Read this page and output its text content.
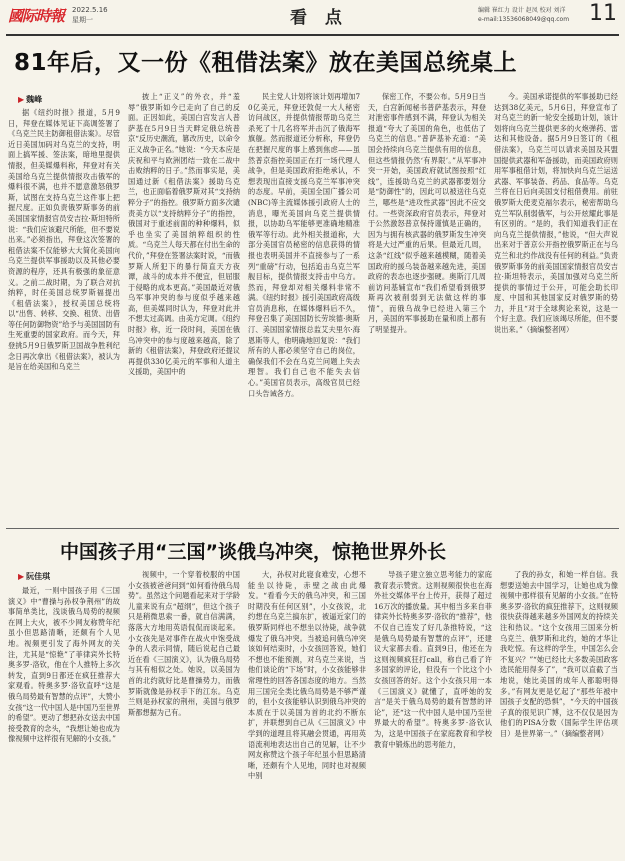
國际時報 2022.5.16
星期一	看 点	编辑 崔红力 设计 赵凤 校对 刘洋
e-mail:13536068049@qq.com 11
81年后，又一份《租借法案》放在美国总统桌上
▶ 魏峰
据《纽约时报》报道，5月9日，拜登在媒体见证下高调签署了《乌克兰民主防御租借法案》。尽管近日美国加码对乌克兰的支持，明面上搞军援、签法案，暗地里提供情报，但美媒爆料称，拜登对有关美国给乌克兰提供情报攻击俄军的爆料很不满，也并不愿意激怒俄罗斯，试图在支持乌克兰这件事上把握尺度。正如负责俄罗斯事务的前美国国家情报官员安吉拉·斯坦特所说：“我们应该避尺所能，但不要说出来。”必须指出，拜登这次签署的租借法案不仅能够大大简化美国向乌克兰提供军事援助以及其他必要资源的程序，还具有极强的象征意义。之前二战时期，为了联合对抗纳粹，时任美国总统罗斯福提出《租借法案》，授权美国总统将以“出售、转移、交换、租赁、出借等任何防御物资”给予与美国国防有生死重要的国家政府。而今天，拜登挑5月9日俄罗斯卫国战争胜利纪念日再次拿出《租借法案》，被认为是旨在给美国和乌克兰
披上“正义”的外衣，并“羞辱”俄罗斯如今已走向了自己的反面。正因如此，美国白宫发言人普萨基在5月9日当天畔定俄总统普京“反历史潮流，篡改历史，以命令正义战争正名。”她说：“今天本应是庆祝和平与欧洲团结一致在二战中击败纳粹的日子。”然而事实是，美国通过新《租借法案》援助乌克兰，也正面临着俄罗斯对其“支持纳粹分子”的指控。俄罗斯方面多次谴责美方以“支持纳粹分子”的指控，俄国对于重述前面的种种爆料，似乎也坐实了美国纳粹组织的性质。“乌克兰人每天都在付出生命的代价，”拜登在签署法案时说，“而俄罗斯人所犯下的暴行简直天方夜谭，战斗的成本并不便宜，但屈服于侵略的成本更高。”美国最近对俄乌军事冲突的参与度似乎越来越高，但美媒同时认为，拜登对此并不想太过高调。由美方定调。《纽约时报》称，近一段时间，美国在俄乌冲突中的参与度越来越高，除了新的《租借法案》，拜登政府还提议再提供330亿美元的军事和人道主义援助，美国中的
民主党人计划将该计划再增加70亿美元，拜登还敦促一大人秘密访问战区，并提供情报帮助乌克兰杀死了十几名将军并击沉了俄海军旗舰。然而报道还分析称，拜登仍在把握尺度的事上感到焦虑——虽然普京指控美国正在打一场代理人战争，但是美国政府拒绝承认，不想表现出直接支援乌克兰军事冲突的态度。早前，美国全国广播公司(NBC)等主流媒体援引政府人士的消息，曝光美国向乌克兰提供情报，以协助乌军能够更准确地精准俄军等行动。此外相关报道称，大部分美国官员秘密的信息获得的情报也表明美国并不直接参与了一系列“重磅”行动，包括追击乌克兰军舰目标，提供情报支持击中乌方。然而，拜登却对相关爆料非常不满。《纽约时报》援引美国政府高级官员消息称，在媒体爆料后不久，拜登召集了美国国防长劳埃德·奥斯汀、美国国家情报总监艾夫里尔·海恩斯等人，他明确地回复说：“我们所有的人都必须坚守自己的岗位，确保我们不会在乌克兰问题上失去理智。我们自己也不能失去信心。”美国官员表示，高级官员已经口头告诫各方。
保密工作，不要公布。5月9日当天，白宫新闻秘书普萨基表示，拜登对泄密事件感到不满，拜登认为相关报道“夸大了美国的角色，也低估了乌克兰的信息。”普萨基补充道：“美国会持续向乌克兰提供有用的信息，但这些情报仍然‘有界限’。”从军事冲突一开始，美国政府就试图按照“红线”，连援助乌克兰的武器都要划分是“防御性”的，因此可以被送往乌克兰，哪些是“进攻性武器”因此不应交付。一些资深政府官员表示，拜登对于公然激怒普京保持谨慎是正确的，因为与拥有核武器的俄罗斯发生冲突将是大过严重的后果。但最近几周，这条“红线”似乎越来越模糊，随着美国政府的援乌装备越来越先进，美国政府的表态也逐步强硬。奥斯汀几周前访问基辅宣布“我们希望看到俄罗斯再次被削弱到无法做这样的事情”，而俄乌战争已经进入第三个月，美国的军事援助在量和质上都有了明显提升。
今。美国承诺提供的军事援助已经达到38亿美元，5月6日，拜登宣布了对乌克兰的新一轮安全援助计划，该计划将向乌克兰提供更多的火炮弹药、雷达和其他设备。据5月9日签订的《租借法案》，乌克兰可以请求美国及其盟国提供武器和军备援助，而美国政府则用军事租借计划，将加快向乌克兰运送武器、军事装备、药品、食品等。乌克兰将在日后向美国支付租借费用。前驻俄罗斯大使麦克福尔表示，秘密帮助乌克兰军队削弱俄军，与公开炫耀此事是有区别的。“是的，我们知道我们正在向乌克兰提供情报，”他说，“但大声说出来对于普京公开指控俄罗斯正在与乌克兰和北约作战没有任何的利益。”负责俄罗斯事务的前美国国家情报官员安吉拉·斯坦特表示，美国加强对乌克兰所提供的事情过于公开，可能会助长印度、中国和其他国家反对俄罗斯的势力，并且“对于全球舆论来说，这是一个好主意。我们应该竭尽所能，但不要说出来。”（摘编整者网）
中国孩子用“三国”谈俄乌冲突，惊艳世界外长
▶ 阮佳琪
最近，一则中国孩子用《三国演义》中“曹操与孙权争荆州”的故事简单类比，浅谈俄乌局势的视频在网上大火，被不少网友称赞年纪虽小但思路清晰，还颇有个人见地。视频更引发了海外网友的关注，尤其是“惊艳”了菲律宾外长特奥多罗·洛钦，他在个人推特上多次转发，直到9日都还在疯狂推荐大家观看。特奥多罗·洛钦直呼“这是俄乌局势最有智慧的点评”，大赞小女孩“这一代中国人是中国乃至世界的希望”。更动了想把孙女送去中国接受教育的念头，“我想让她也成为像视频中这样很有见解的小女孩。”
视频中，一个穿着校服的中国小女孩被爸爸问到“如何看待俄乌局势”。虽然这个问题看起来对于学龄儿童来说有点“超纲”，但这个孩子只是稍微思索一番，就自信满满，落落大方地用英语侃侃而谈起来。小女孩先是对事件在战火中饱受战争的人表示同情，随后说起自己最近在看《三国演义》，认为俄乌局势与其有相似之处。她说，以美国为首的北约就好比是曹操势力，而俄罗斯就像是孙权手下的江东。乌克兰则是孙权家的荆州，美国与俄罗斯都想据为己有。
大，孙权对此寝食难安，心想不能坐以待毙，赤壁之战由此爆发。“看看今天的俄乌冲突，和三国时期没有任何区别”，小女孩说，北约想在乌克兰搞东扩，被逼近家门的俄罗斯同样也不想坐以待毙，战争就爆发了俄乌冲突。当被追问俄乌冲突该如何结束时，小女孩回答说，她们不想也不能预测，对乌克兰来说，当他们谈论的“下场”时，小女孩能够非常理性的回答各国态度的地方。当然用三国完全类比俄乌局势是不够严谨的，但小女孩能够认识到俄乌冲突的本质在于以美国为首的北约不断东扩，并联想到自己从《三国演义》中学到的道理且将其融会贯通，再用英语流利地表达出自己的见解，让不少网友称赞这个孩子年纪虽小但思路清晰，还颇有个人见地，同时也对视频中别
导孩子建立独立思考能力的家庭教育表示赞赏。这则视频很快也在海外社交媒体平台上传开，获得了超过16万次的播放量。其中相当多来自菲律宾外长特奥多罗·洛钦的“推荐”，他不仅自己连发了好几条推特说，“这是俄乌局势最有智慧的点评”，还建议大家都去看。直到9日，他还在为这则视频疯狂打call，称自己看了许多国家的评论，但没有一个比这个小女孩回答的好。这个小女孩只用一本《三国演义》就懂了，直呼她的发言“是关于俄乌局势的最有智慧的评论”，还“这一代中国人是中国乃至世界最大的希望”。特奥多罗·洛钦认为，这是中国孩子在家庭教育和学校教育中锻炼出的思考能力，
了我的孙女，和她一样自信。我想要送她去中国学习，让她也成为像视频中那样很有见解的小女孩。”在特奥多罗·洛钦的疯狂推荐下，这则视频很快获得越来越多外国网友的持续关注和热议。“这个女孩用三国来分析乌克兰、俄罗斯和北约，她的才华让我吃惊。有这样的学生，中国怎么会不复兴？”“她已经比大多数美国政客选民能用得多了”，“我可以直截了当地说，她比美国的成年人都聪明得多。”有网友更是忆起了“那些年被中国孩子支配的恐惧”，“今天的中国孩子真的很见识广博，这不仅仅是因为他们的PISA分数（国际学生评估项目）是世界第一。”（摘编整者网）
